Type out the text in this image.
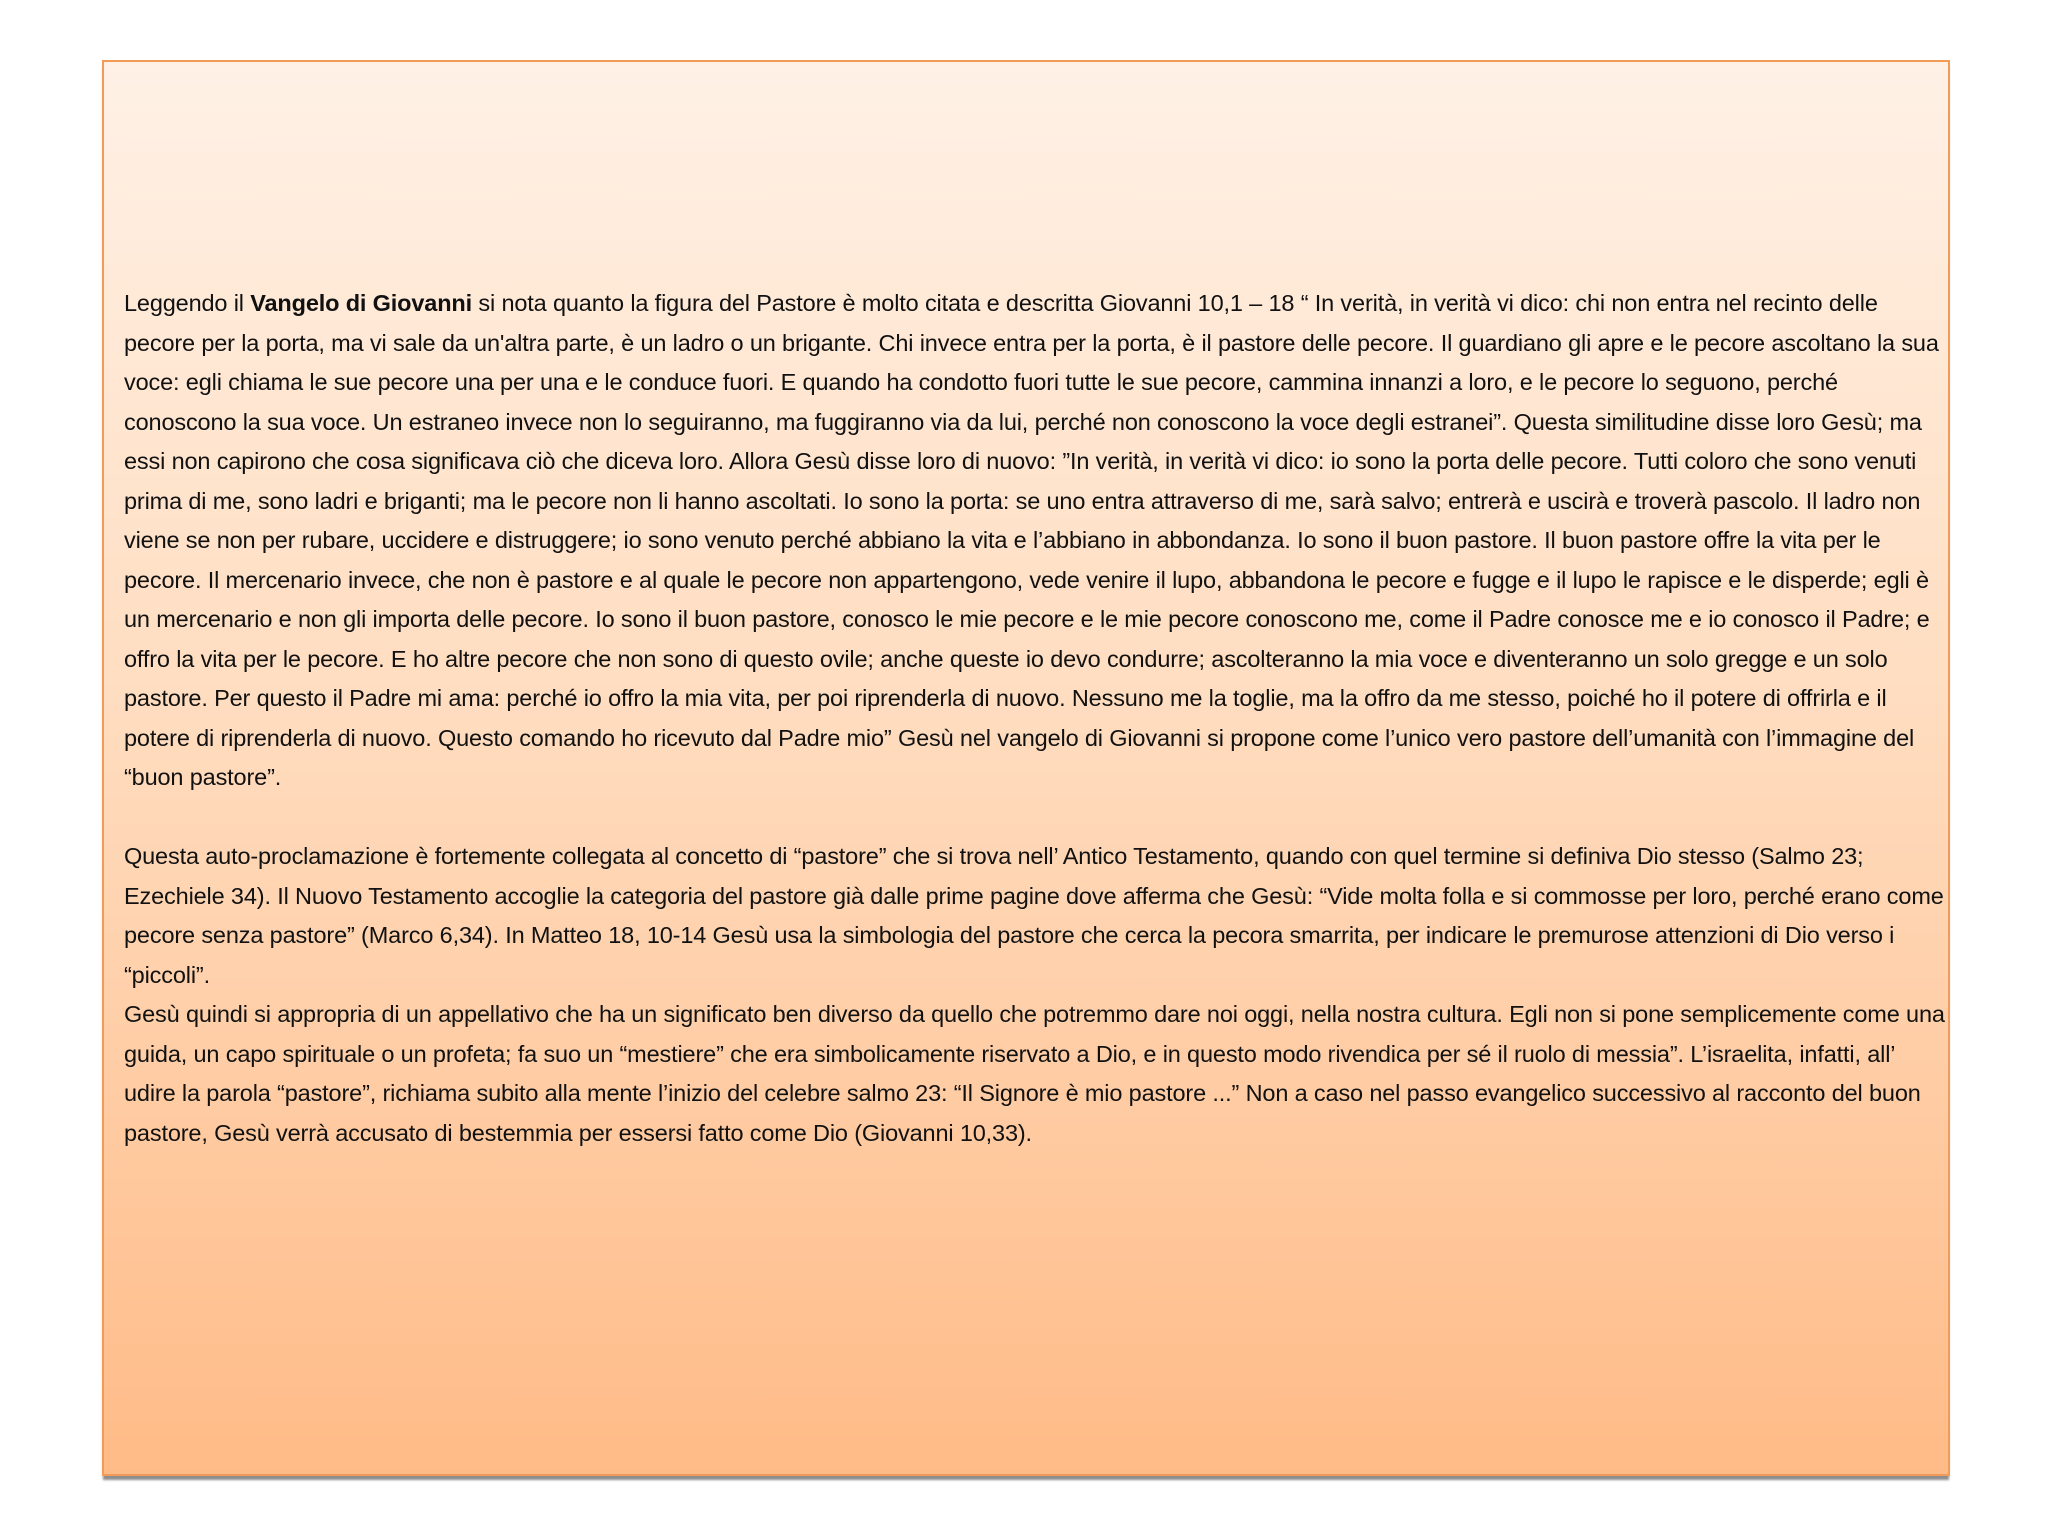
Leggendo il Vangelo di Giovanni si nota quanto la figura del Pastore è molto citata e descritta Giovanni 10,1 – 18 “ In verità, in verità vi dico: chi non entra nel recinto delle pecore per la porta, ma vi sale da un'altra parte, è un ladro o un brigante. Chi invece entra per la porta, è il pastore delle pecore. Il guardiano gli apre e le pecore ascoltano la sua voce: egli chiama le sue pecore una per una e le conduce fuori. E quando ha condotto fuori tutte le sue pecore, cammina innanzi a loro, e le pecore lo seguono, perché conoscono la sua voce. Un estraneo invece non lo seguiranno, ma fuggiranno via da lui, perché non conoscono la voce degli estranei”. Questa similitudine disse loro Gesù; ma essi non capirono che cosa significava ciò che diceva loro. Allora Gesù disse loro di nuovo: ”In verità, in verità vi dico: io sono la porta delle pecore. Tutti coloro che sono venuti prima di me, sono ladri e briganti; ma le pecore non li hanno ascoltati. Io sono la porta: se uno entra attraverso di me, sarà salvo; entrerà e uscirà e troverà pascolo. Il ladro non viene se non per rubare, uccidere e distruggere; io sono venuto perché abbiano la vita e l’abbiano in abbondanza. Io sono il buon pastore. Il buon pastore offre la vita per le pecore. Il mercenario invece, che non è pastore e al quale le pecore non appartengono, vede venire il lupo, abbandona le pecore e fugge e il lupo le rapisce e le disperde; egli è un mercenario e non gli importa delle pecore. Io sono il buon pastore, conosco le mie pecore e le mie pecore conoscono me, come il Padre conosce me e io conosco il Padre; e offro la vita per le pecore. E ho altre pecore che non sono di questo ovile; anche queste io devo condurre; ascolteranno la mia voce e diventeranno un solo gregge e un solo pastore. Per questo il Padre mi ama: perché io offro la mia vita, per poi riprenderla di nuovo. Nessuno me la toglie, ma la offro da me stesso, poiché ho il potere di offrirla e il potere di riprenderla di nuovo. Questo comando ho ricevuto dal Padre mio” Gesù nel vangelo di Giovanni si propone come l’unico vero pastore dell’umanità con l’immagine del “buon pastore”.

Questa auto-proclamazione è fortemente collegata al concetto di “pastore” che si trova nell’ Antico Testamento, quando con quel termine si definiva Dio stesso (Salmo 23; Ezechiele 34). Il Nuovo Testamento accoglie la categoria del pastore già dalle prime pagine dove afferma che Gesù: “Vide molta folla e si commosse per loro, perché erano come pecore senza pastore” (Marco 6,34). In Matteo 18, 10-14 Gesù usa la simbologia del pastore che cerca la pecora smarrita, per indicare le premurose attenzioni di Dio verso i “piccoli”.

Gesù quindi si appropria di un appellativo che ha un significato ben diverso da quello che potremmo dare noi oggi, nella nostra cultura. Egli non si pone semplicemente come una guida, un capo spirituale o un profeta; fa suo un “mestiere” che era simbolicamente riservato a Dio, e in questo modo rivendica per sé il ruolo di messia”. L’israelita, infatti, all’ udire la parola “pastore”, richiama subito alla mente l’inizio del celebre salmo 23: “Il Signore è mio pastore ...” Non a caso nel passo evangelico successivo al racconto del buon pastore, Gesù verrà accusato di bestemmia per essersi fatto come Dio (Giovanni 10,33).
